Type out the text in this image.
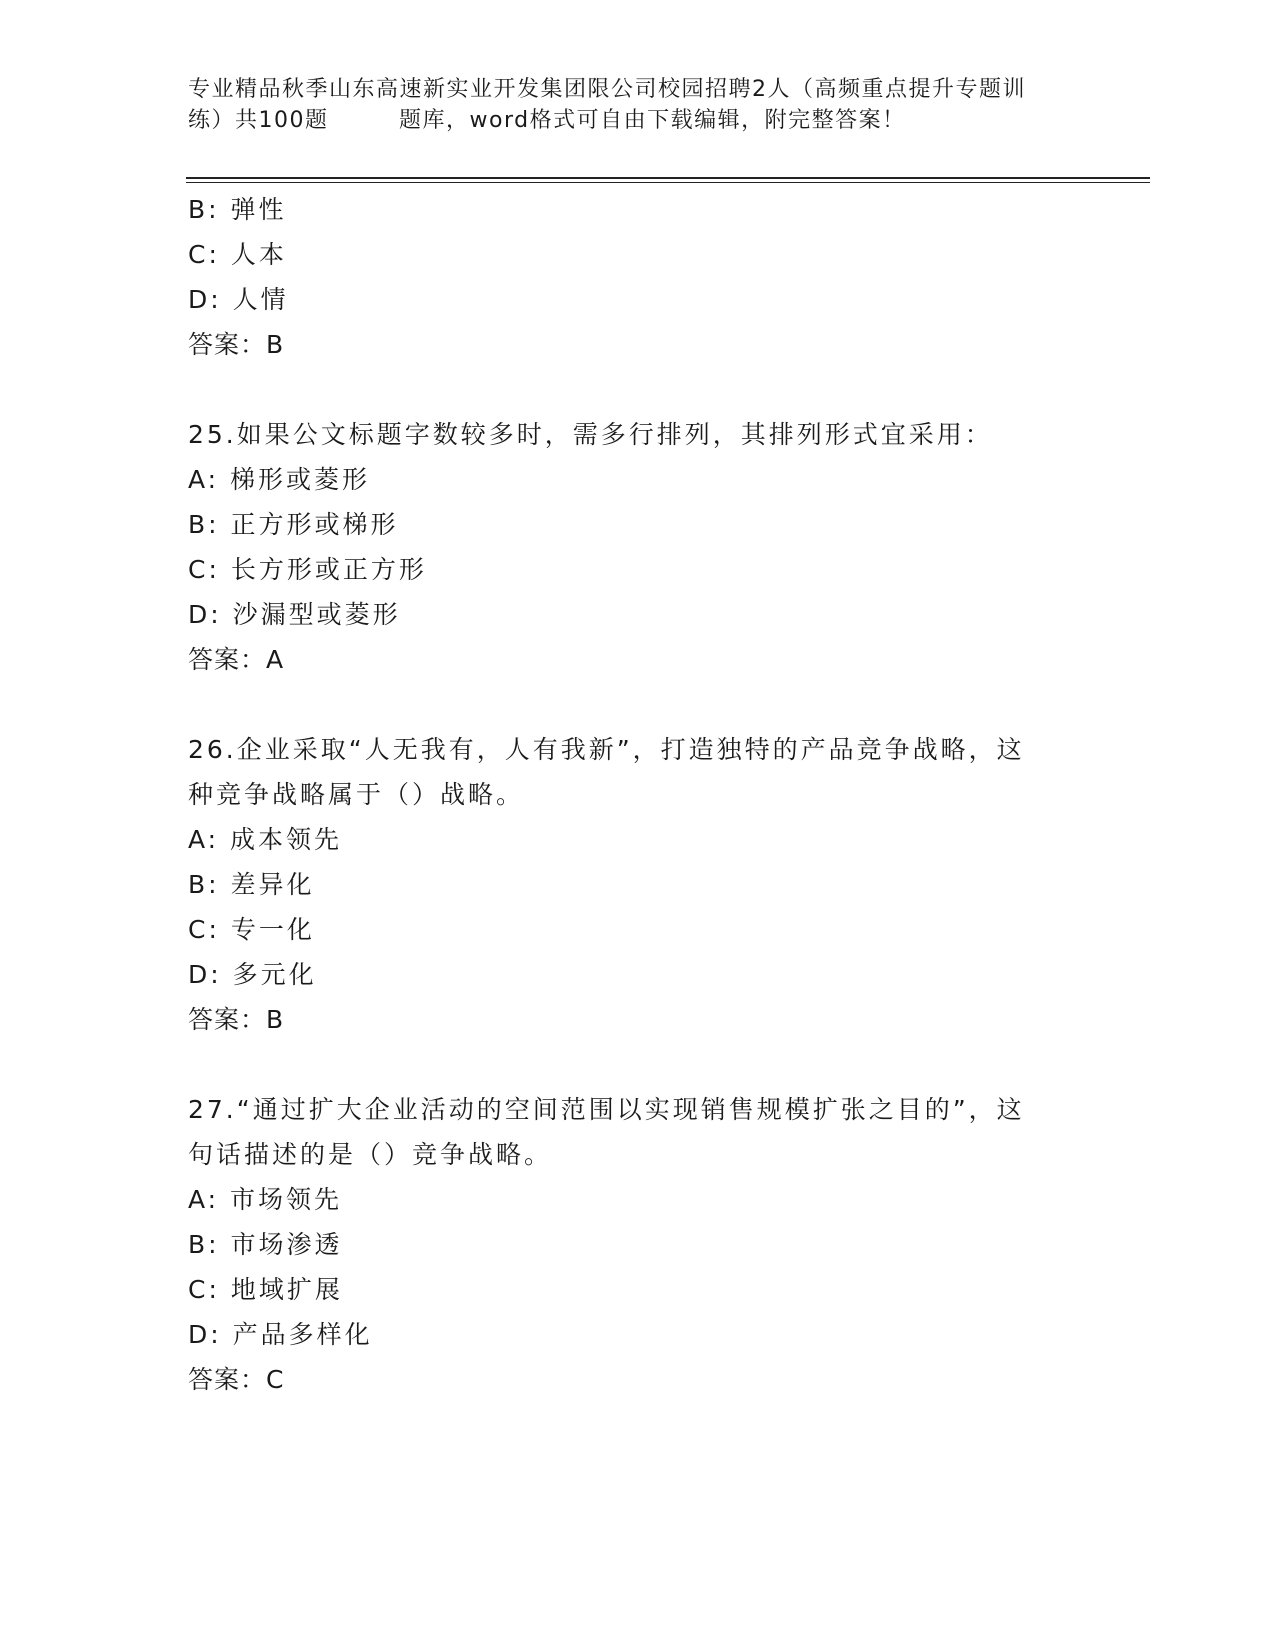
专业精品秋季山东高速新实业开发集团限公司校园招聘2人（高频重点提升专题训
练）共100题　　　题库，word格式可自由下载编辑，附完整答案！
B: 弹性
C: 人本
D: 人情
答案：B
25.如果公文标题字数较多时，需多行排列，其排列形式宜采用：
A: 梯形或菱形
B: 正方形或梯形
C: 长方形或正方形
D: 沙漏型或菱形
答案：A
26.企业采取“人无我有，人有我新”，打造独特的产品竞争战略，这
种竞争战略属于（）战略。
A: 成本领先
B: 差异化
C: 专一化
D: 多元化
答案：B
27.“通过扩大企业活动的空间范围以实现销售规模扩张之目的”，这
句话描述的是（）竞争战略。
A: 市场领先
B: 市场渗透
C: 地域扩展
D: 产品多样化
答案：C
